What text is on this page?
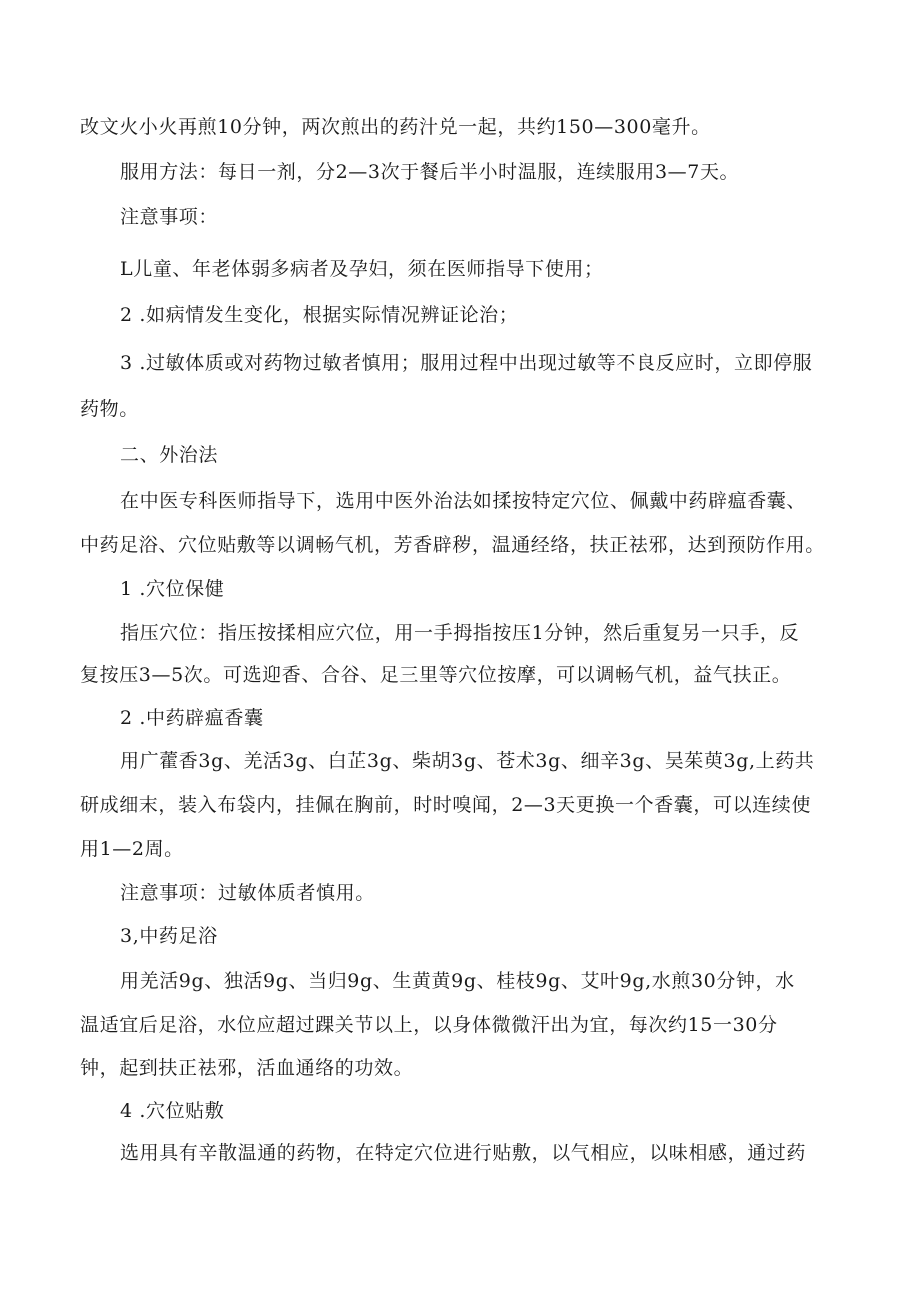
改文火小火再煎10分钟，两次煎出的药汁兑一起，共约150—300毫升。
服用方法：每日一剂，分2—3次于餐后半小时温服，连续服用3—7天。
注意事项：
L儿童、年老体弱多病者及孕妇，须在医师指导下使用；
2 .如病情发生变化，根据实际情况辨证论治；
3 .过敏体质或对药物过敏者慎用；服用过程中出现过敏等不良反应时，立即停服
药物。
二、外治法
在中医专科医师指导下，选用中医外治法如揉按特定穴位、佩戴中药辟瘟香囊、
中药足浴、穴位贴敷等以调畅气机，芳香辟秽，温通经络，扶正祛邪，达到预防作用。
1 .穴位保健
指压穴位：指压按揉相应穴位，用一手拇指按压1分钟，然后重复另一只手，反
复按压3—5次。可选迎香、合谷、足三里等穴位按摩，可以调畅气机，益气扶正。
2 .中药辟瘟香囊
用广藿香3g、羌活3g、白芷3g、柴胡3g、苍术3g、细辛3g、吴茱萸3g,上药共
研成细末，装入布袋内，挂佩在胸前，时时嗅闻，2—3天更换一个香囊，可以连续使
用1—2周。
注意事项：过敏体质者慎用。
3,中药足浴
用羌活9g、独活9g、当归9g、生黄黄9g、桂枝9g、艾叶9g,水煎30分钟，水
温适宜后足浴，水位应超过踝关节以上，以身体微微汗出为宜，每次约15一30分
钟，起到扶正祛邪，活血通络的功效。
4 .穴位贴敷
选用具有辛散温通的药物，在特定穴位进行贴敷，以气相应，以味相感，通过药
